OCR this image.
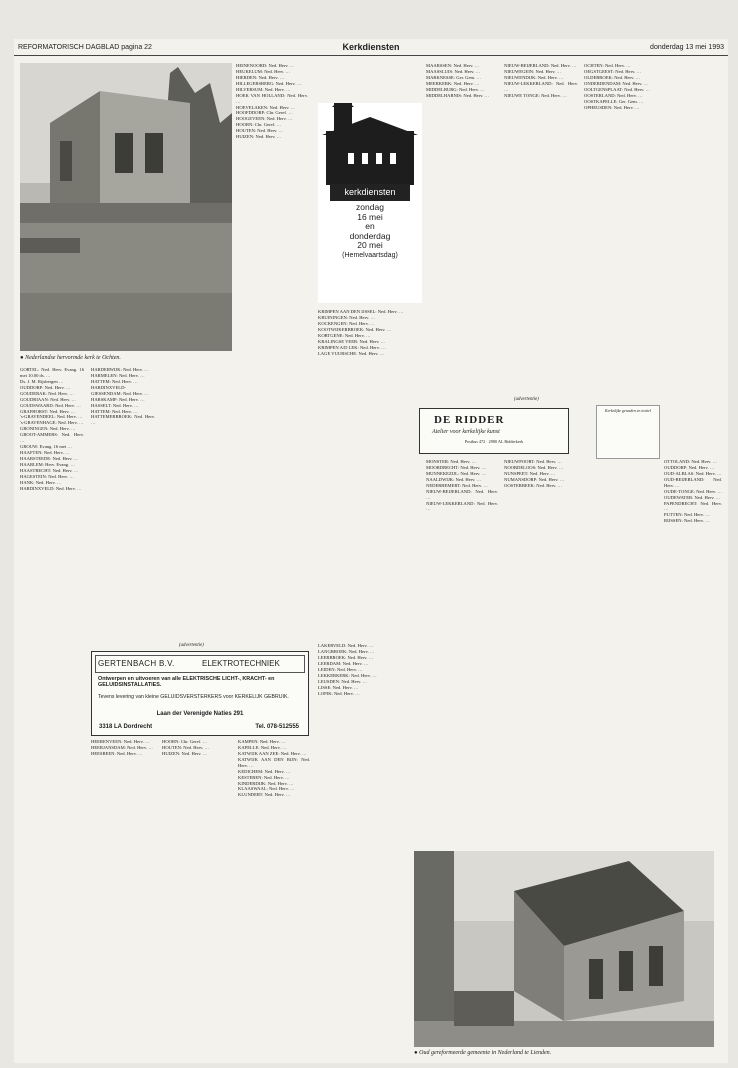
REFORMATORISCH DAGBLAD pagina 22	Kerkdiensten	donderdag 13 mei 1993
● Nederlandse hervormde kerk te Ochten.

GORTEL: Ned. Herv. Evang. 16 mei 10.00 ds. …

Ds. J. M. Rijsbergen …

OUDDORP: Ned. Herv. …

GOUDERAK: Ned. Herv. …

GOUDRIAAN: Ned. Herv. …

GOUDSWAARD: Ned. Herv. …

GRAFHORST: Ned. Herv. …

's-GRAVENDEEL: Ned. Herv. …

's-GRAVENHAGE: Ned. Herv. …

GRONINGEN: Ned. Herv. …

GROOT-AMMERS: Ned. Herv. …

GROUW: Evang. 16 mei …

HAAFTEN: Ned. Herv. …

HAARSTEEDE: Ned. Herv. …

HAARLEM: Herv. Evang. …

HAASTRECHT: Ned. Herv. …

HAGESTEIN: Ned. Herv. …

HANK: Ned. Herv. …

HARDINXVELD: Ned. Herv. …

HARDERWIJK: Ned. Herv. …

HARMELEN: Ned. Herv. …

HATTEM: Ned. Herv. …

HARDINXVELD-GIESSENDAM: Ned. Herv. …

HARSKAMP: Ned. Herv. …

HASSELT: Ned. Herv. …

HATTEM: Ned. Herv. …

HATTEMERBROEK: Ned. Herv. …

HEINENOORD: Ned. Herv. …

HEUKELUM: Ned. Herv. …

HIERDEN: Ned. Herv. …

HILLEGERSBERG: Ned. Herv. …

HILVERSUM: Ned. Herv. …

HOEK VAN HOLLAND: Ned. Herv. …

HOEVELAKEN: Ned. Herv. …

HOOFDDORP: Chr. Geref. …

HOOGEVEEN: Ned. Herv. …

HOORN: Chr. Geref. …

HOUTEN: Ned. Herv. …

HUIZEN: Ned. Herv. …

kerkdiensten
zondag
16 mei
en
donderdag
20 mei
(Hemelvaartsdag)

KRIMPEN AAN DEN IJSSEL: Ned. Herv. …

KRUININGEN: Ned. Herv. …

KOCKENGEN: Ned. Herv. …

KOOTWIJKERBROEK: Ned. Herv. …

KORTGENE: Ned. Herv. …

KRALINGSE VEER: Ned. Herv. …

KRIMPEN A/D LEK: Ned. Herv. …

LAGE VUURSCHE: Ned. Herv. …

LAKERVELD: Ned. Herv. …

LANGBROEK: Ned. Herv. …

LEERBROEK: Ned. Herv. …

LEERDAM: Ned. Herv. …

LEIDEN: Ned. Herv. …

LEKKERKERK: Ned. Herv. …

LEUSDEN: Ned. Herv. …

LISSE: Ned. Herv. …

LOPIK: Ned. Herv. …

MAARSSEN: Ned. Herv. …

MAASSLUIS: Ned. Herv. …

MARKNESSE: Ger. Gem. …

MEERKERK: Ned. Herv. …

MIDDELBURG: Ned. Herv. …

MIDDELHARNIS: Ned. Herv. …

MONSTER: Ned. Herv. …

MOORDRECHT: Ned. Herv. …

MUNNEKEZIJL: Ned. Herv. …

NAALDWIJK: Ned. Herv. …

NEDERHEMERT: Ned. Herv. …

NIEUW-BEIJERLAND: Ned. Herv. …

NIEUW-LEKKERLAND: Ned. Herv. …

NIEUW-BEIJERLAND: Ned. Herv. …

NIEUWEGEIN: Ned. Herv. …

NIEUWENDIJK: Ned. Herv. …

NIEUW-LEKKERLAND: Ned. Herv. …

NIEUWE TONGE: Ned. Herv. …

NIEUWPOORT: Ned. Herv. …

NOORDELOOS: Ned. Herv. …

NUNSPEET: Ned. Herv. …

NUMANSDORP: Ned. Herv. …

OOSTERBEEK: Ned. Herv. …

OCHTEN: Ned. Herv. …

OEGSTGEEST: Ned. Herv. …

OLDEBROEK: Ned. Herv. …

ONDERDENDAM: Ned. Herv. …

OOLTGENSPLAAT: Ned. Herv. …

OOSTERLAND: Ned. Herv. …

OOSTKAPELLE: Ger. Gem. …

OPHEUSDEN: Ned. Herv. …

OTTOLAND: Ned. Herv. …

OUDDORP: Ned. Herv. …

OUD-ALBLAS: Ned. Herv. …

OUD-BEIJERLAND: Ned. Herv. …

OUDE-TONGE: Ned. Herv. …

OUDEWATER: Ned. Herv. …

PAPENDRECHT: Ned. Herv. …

PUTTEN: Ned. Herv. …

RIJSSEN: Ned. Herv. …

(advertentie)
GERTENBACH B.V.	ELEKTROTECHNIEK
Ontwerpen en uitvoeren van alle ELEKTRISCHE LICHT-, KRACHT- en GELUIDSINSTALLATIES.
Tevens levering van kleine GELUIDSVERSTERKERS voor KERKELIJK GEBRUIK.
Laan der Verenigde Naties 291
3318 LA Dordrecht	Tel. 078-512555

HEERENVEEN: Ned. Herv. …

HEERJANSDAM: Ned. Herv. …

HEESBEEN: Ned. Herv. …

HOORN: Chr. Geref. …

HOUTEN: Ned. Herv. …

HUIZEN: Ned. Herv. …

KAMPEN: Ned. Herv. …

KAPELLE: Ned. Herv. …

KATWIJK AAN ZEE: Ned. Herv. …

KATWIJK AAN DEN RIJN: Ned. Herv. …

KEDICHEM: Ned. Herv. …

KESTEREN: Ned. Herv. …

KINDERDIJK: Ned. Herv. …

KLAASWAAL: Ned. Herv. …

KLUNDERT: Ned. Herv. …

(advertentie)
DE RIDDER
Atelier voor kerkelijke kunst
Postbus 472 · 2980 AL Ridderkerk
Kerkelijke gewaden en textiel
● Oud gereformeerde gemeente in Nederland te Lienden.
